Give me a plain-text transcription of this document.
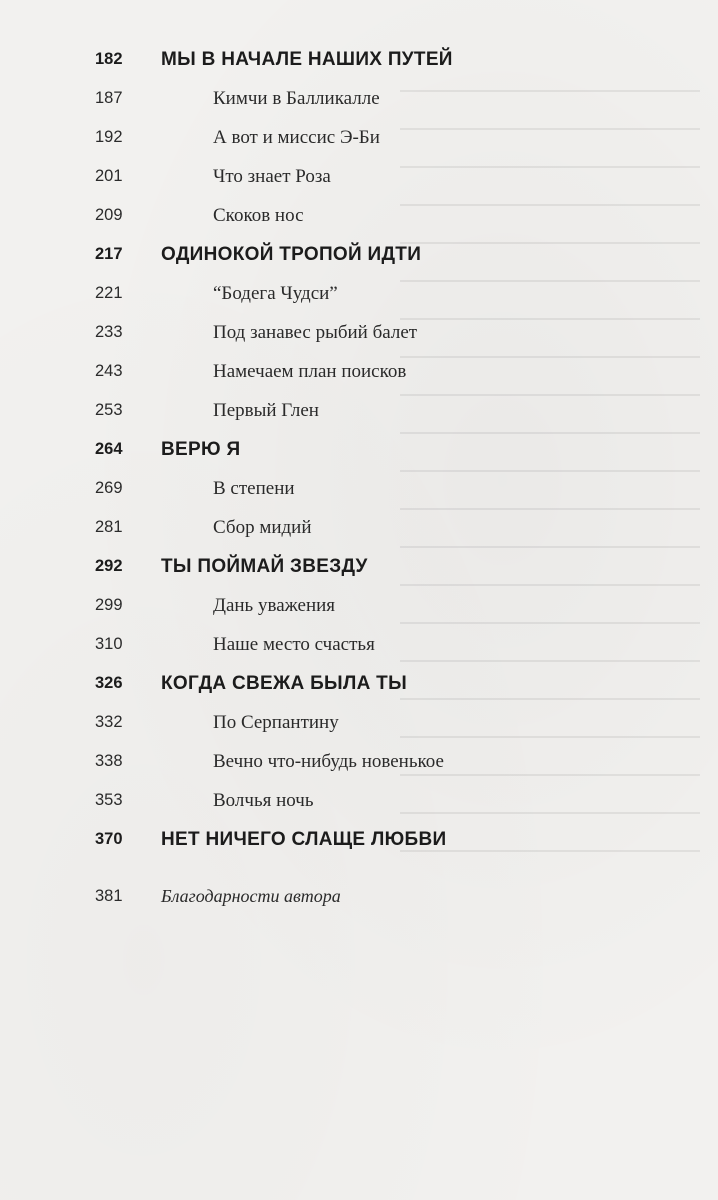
182	МЫ В НАЧАЛЕ НАШИХ ПУТЕЙ
187	Кимчи в Балликалле
192	А вот и миссис Э-Би
201	Что знает Роза
209	Скоков нос
217	ОДИНОКОЙ ТРОПОЙ ИДТИ
221	“Бодега Чудси”
233	Под занавес рыбий балет
243	Намечаем план поисков
253	Первый Глен
264	ВЕРЮ Я
269	В степени
281	Сбор мидий
292	ТЫ ПОЙМАЙ ЗВЕЗДУ
299	Дань уважения
310	Наше место счастья
326	КОГДА СВЕЖА БЫЛА ТЫ
332	По Серпантину
338	Вечно что-нибудь новенькое
353	Волчья ночь
370	НЕТ НИЧЕГО СЛАЩЕ ЛЮБВИ
381	Благодарности автора
